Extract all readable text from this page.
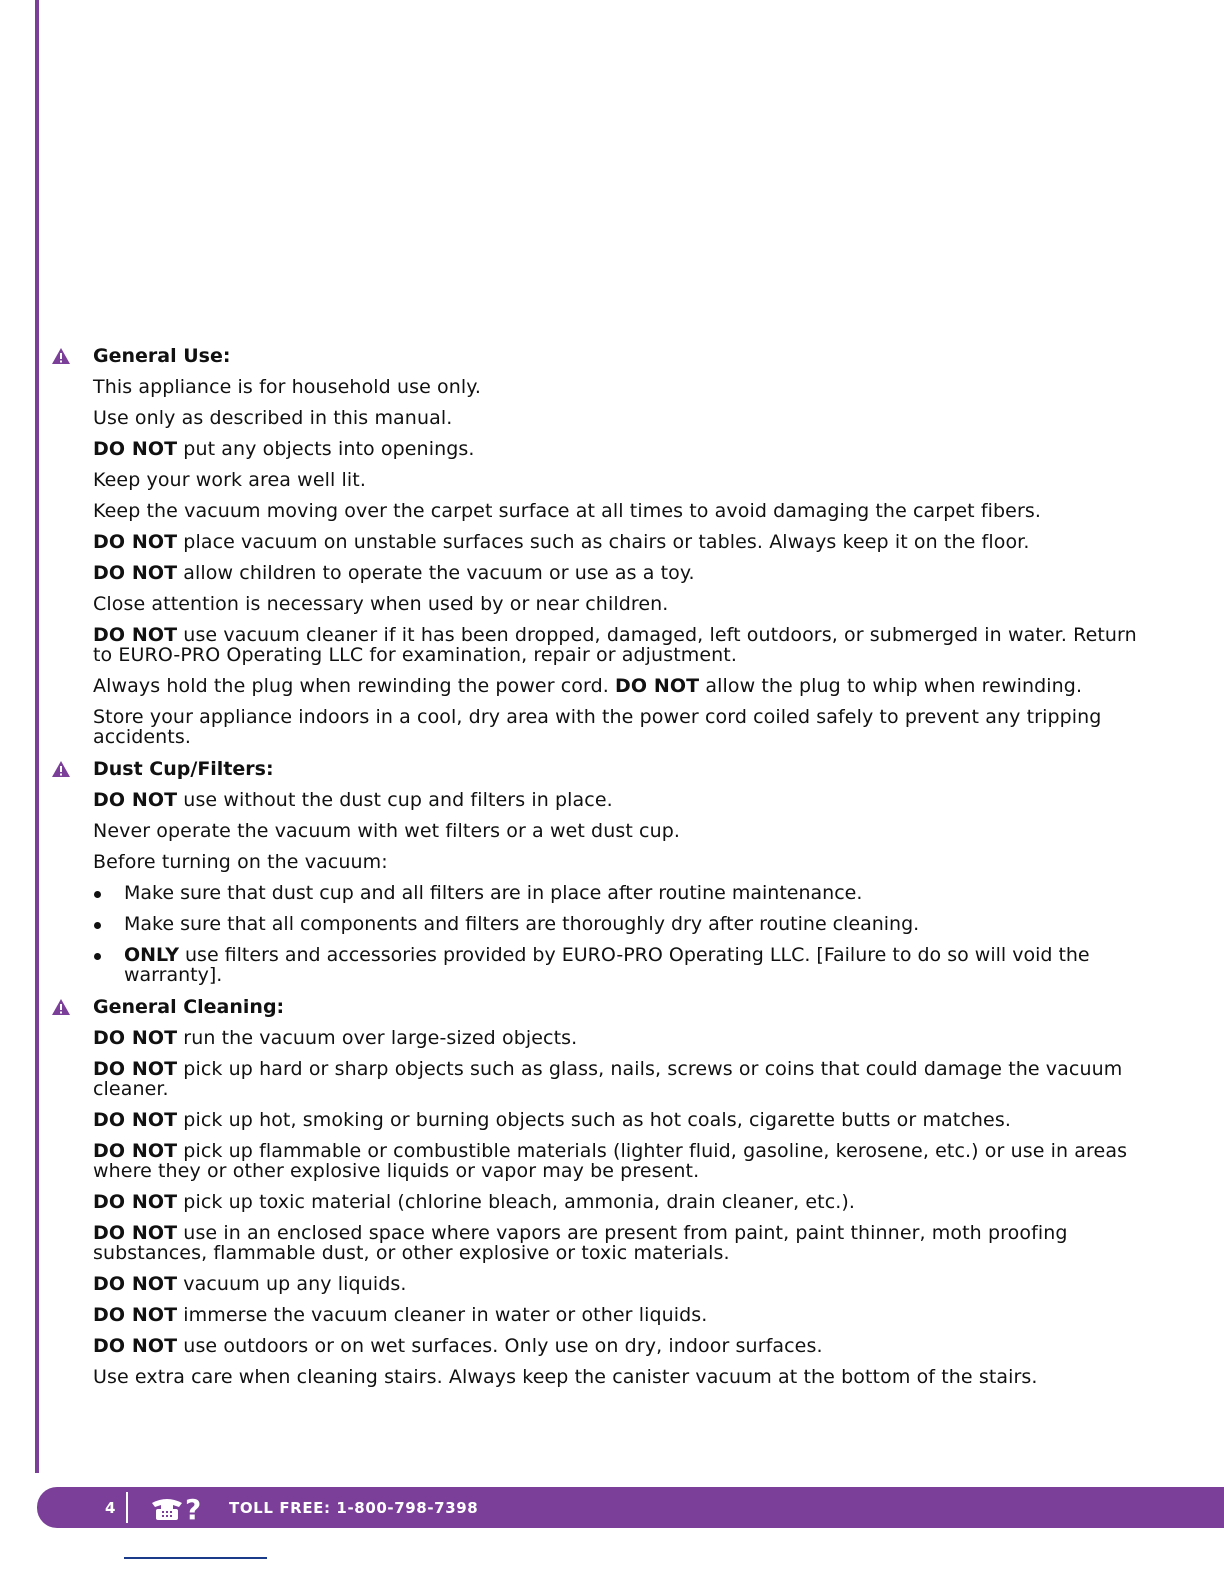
General Use:
This appliance is for household use only.
Use only as described in this manual.
DO NOT put any objects into openings.
Keep your work area well lit.
Keep the vacuum moving over the carpet surface at all times to avoid damaging the carpet fibers.
DO NOT place vacuum on unstable surfaces such as chairs or tables. Always keep it on the floor.
DO NOT allow children to operate the vacuum or use as a toy.
Close attention is necessary when used by or near children.
DO NOT use vacuum cleaner if it has been dropped, damaged, left outdoors, or submerged in water. Return to EURO-PRO Operating LLC for examination, repair or adjustment.
Always hold the plug when rewinding the power cord. DO NOT allow the plug to whip when rewinding.
Store your appliance indoors in a cool, dry area with the power cord coiled safely to prevent any tripping accidents.
Dust Cup/Filters:
DO NOT use without the dust cup and filters in place.
Never operate the vacuum with wet filters or a wet dust cup.
Before turning on the vacuum:
Make sure that dust cup and all filters are in place after routine maintenance.
Make sure that all components and filters are thoroughly dry after routine cleaning.
ONLY use filters and accessories provided by EURO-PRO Operating LLC. [Failure to do so will void the warranty].
General Cleaning:
DO NOT run the vacuum over large-sized objects.
DO NOT pick up hard or sharp objects such as glass, nails, screws or coins that could damage the vacuum cleaner.
DO NOT pick up hot, smoking or burning objects such as hot coals, cigarette butts or matches.
DO NOT pick up flammable or combustible materials (lighter fluid, gasoline, kerosene, etc.) or use in areas where they or other explosive liquids or vapor may be present.
DO NOT pick up toxic material (chlorine bleach, ammonia, drain cleaner, etc.).
DO NOT use in an enclosed space where vapors are present from paint, paint thinner, moth proofing substances, flammable dust, or other explosive or toxic materials.
DO NOT vacuum up any liquids.
DO NOT immerse the vacuum cleaner in water or other liquids.
DO NOT use outdoors or on wet surfaces. Only use on dry, indoor surfaces.
Use extra care when cleaning stairs. Always keep the canister vacuum at the bottom of the stairs.
4 ? TOLL FREE: 1-800-798-7398
